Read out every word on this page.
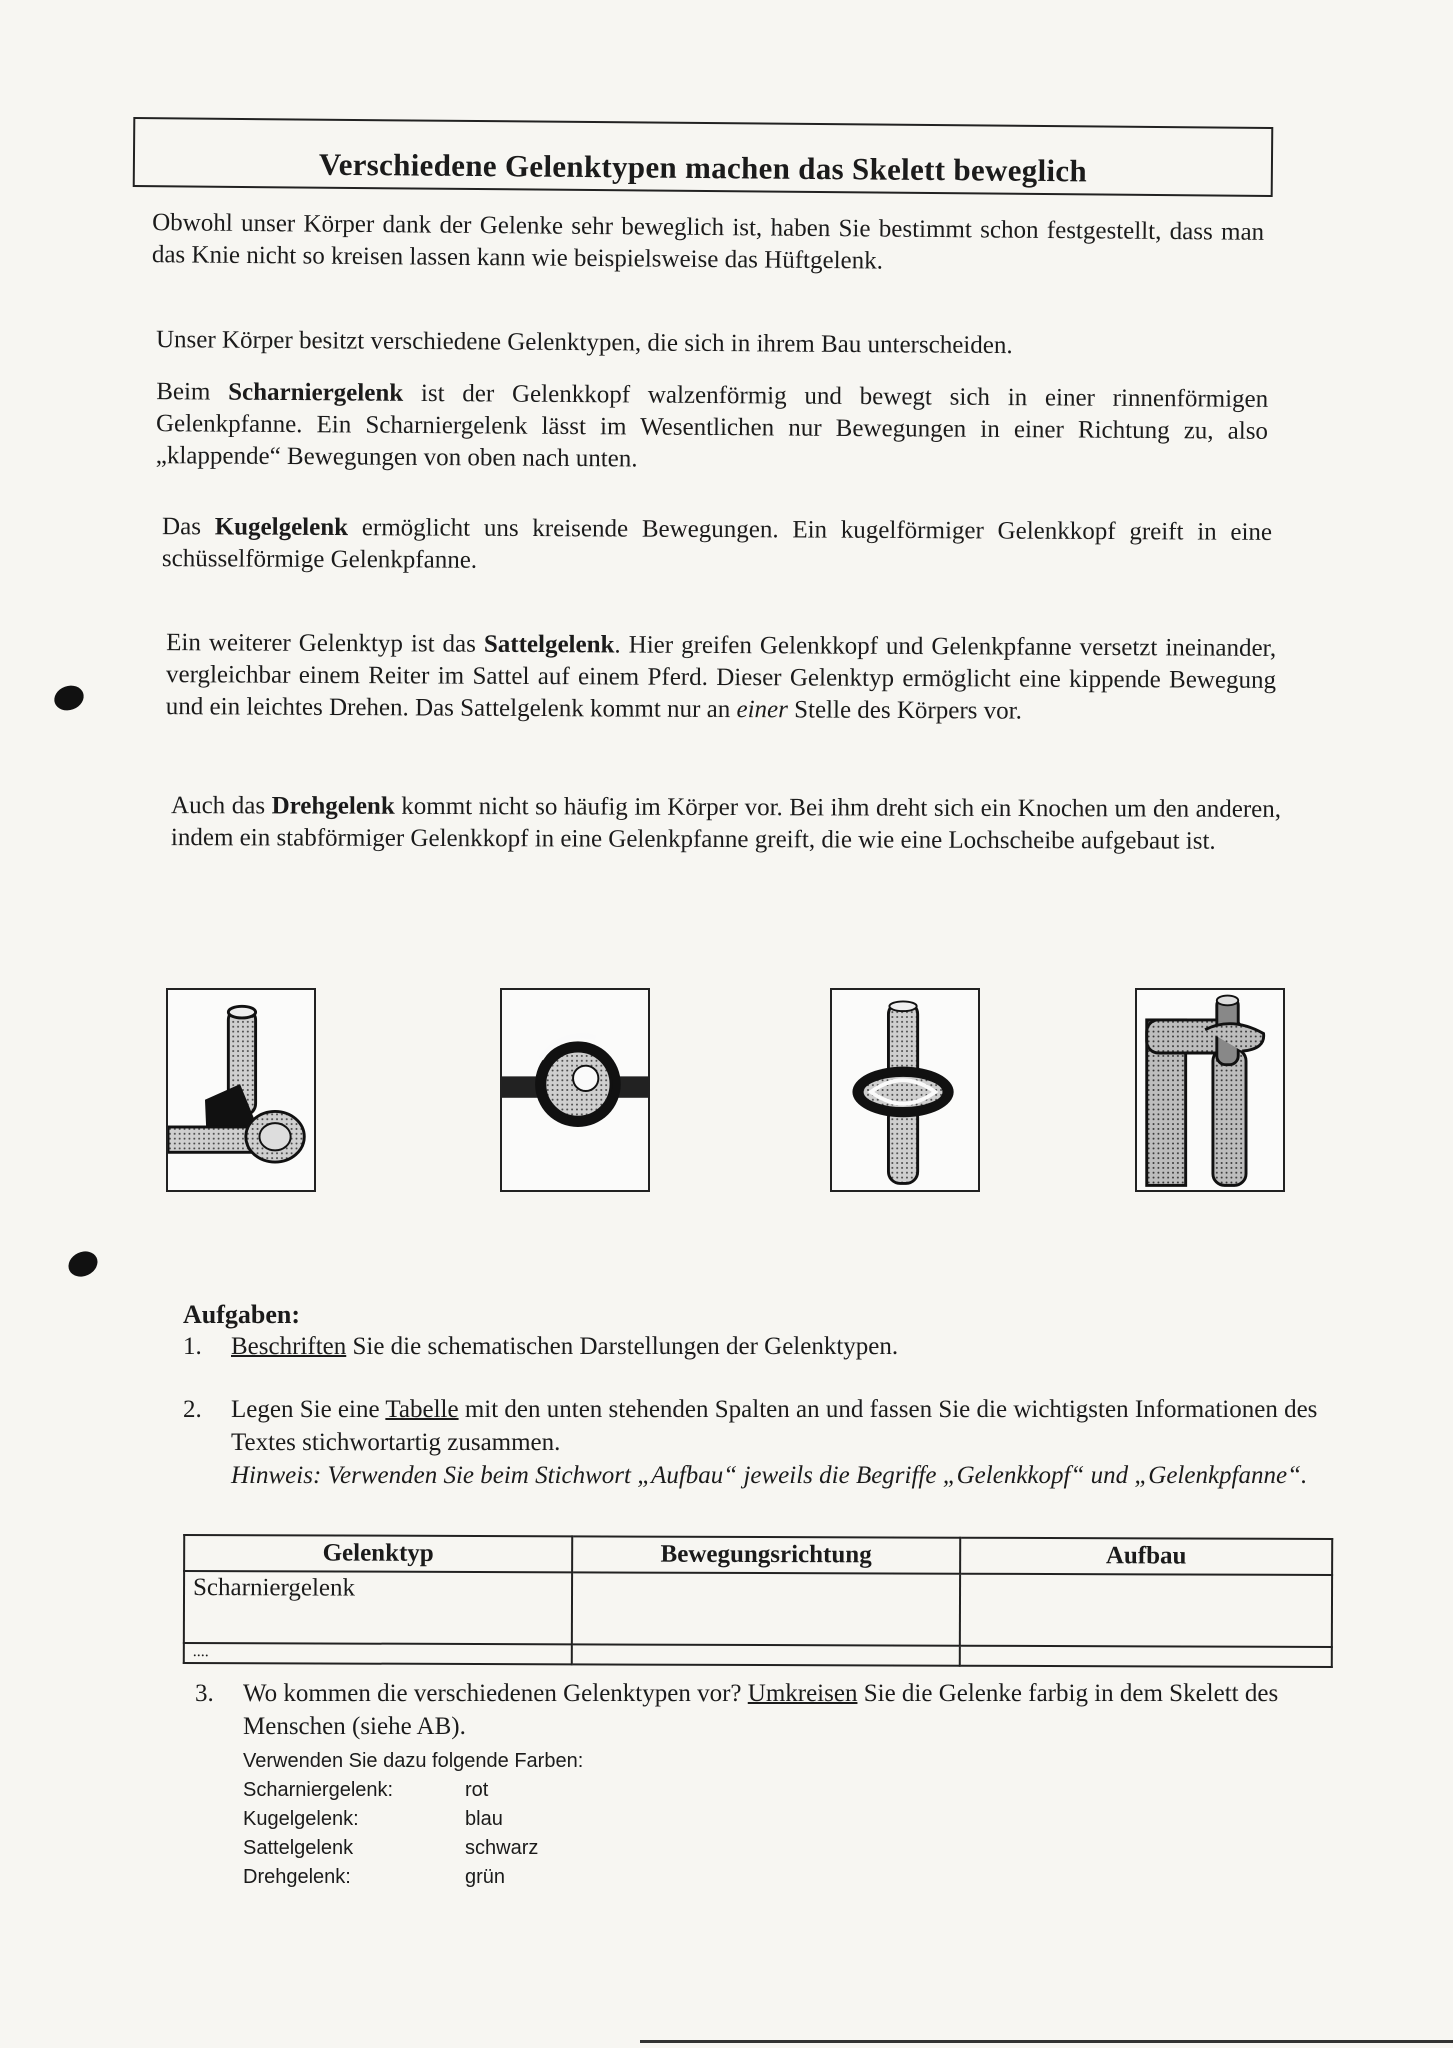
Verschiedene Gelenktypen machen das Skelett beweglich

Obwohl unser Körper dank der Gelenke sehr beweglich ist, haben Sie bestimmt schon festgestellt, dass man das Knie nicht so kreisen lassen kann wie beispielsweise das Hüftgelenk.

Unser Körper besitzt verschiedene Gelenktypen, die sich in ihrem Bau unterscheiden.

Beim Scharniergelenk ist der Gelenkkopf walzenförmig und bewegt sich in einer rinnenförmigen Gelenkpfanne. Ein Scharniergelenk lässt im Wesentlichen nur Bewegungen in einer Richtung zu, also „klappende“ Bewegungen von oben nach unten.

Das Kugelgelenk ermöglicht uns kreisende Bewegungen. Ein kugelförmiger Gelenkkopf greift in eine schüsselförmige Gelenkpfanne.

Ein weiterer Gelenktyp ist das Sattelgelenk. Hier greifen Gelenkkopf und Gelenkpfanne versetzt ineinander, vergleichbar einem Reiter im Sattel auf einem Pferd. Dieser Gelenktyp ermöglicht eine kippende Bewegung und ein leichtes Drehen. Das Sattelgelenk kommt nur an einer Stelle des Körpers vor.

Auch das Drehgelenk kommt nicht so häufig im Körper vor. Bei ihm dreht sich ein Knochen um den anderen, indem ein stabförmiger Gelenkkopf in eine Gelenkpfanne greift, die wie eine Lochscheibe aufgebaut ist.

Aufgaben:
1. Beschriften Sie die schematischen Darstellungen der Gelenktypen.
2. Legen Sie eine Tabelle mit den unten stehenden Spalten an und fassen Sie die wichtigsten Informationen des Textes stichwortartig zusammen.
Hinweis: Verwenden Sie beim Stichwort „Aufbau“ jeweils die Begriffe „Gelenkkopf“ und „Gelenkpfanne“.
Gelenktyp	Bewegungsrichtung	Aufbau
Scharniergelenk		
....		
3. Wo kommen die verschiedenen Gelenktypen vor? Umkreisen Sie die Gelenke farbig in dem Skelett des Menschen (siehe AB).
Verwenden Sie dazu folgende Farben:
Scharniergelenk:	rot
Kugelgelenk:	blau
Sattelgelenk	schwarz
Drehgelenk:	grün
